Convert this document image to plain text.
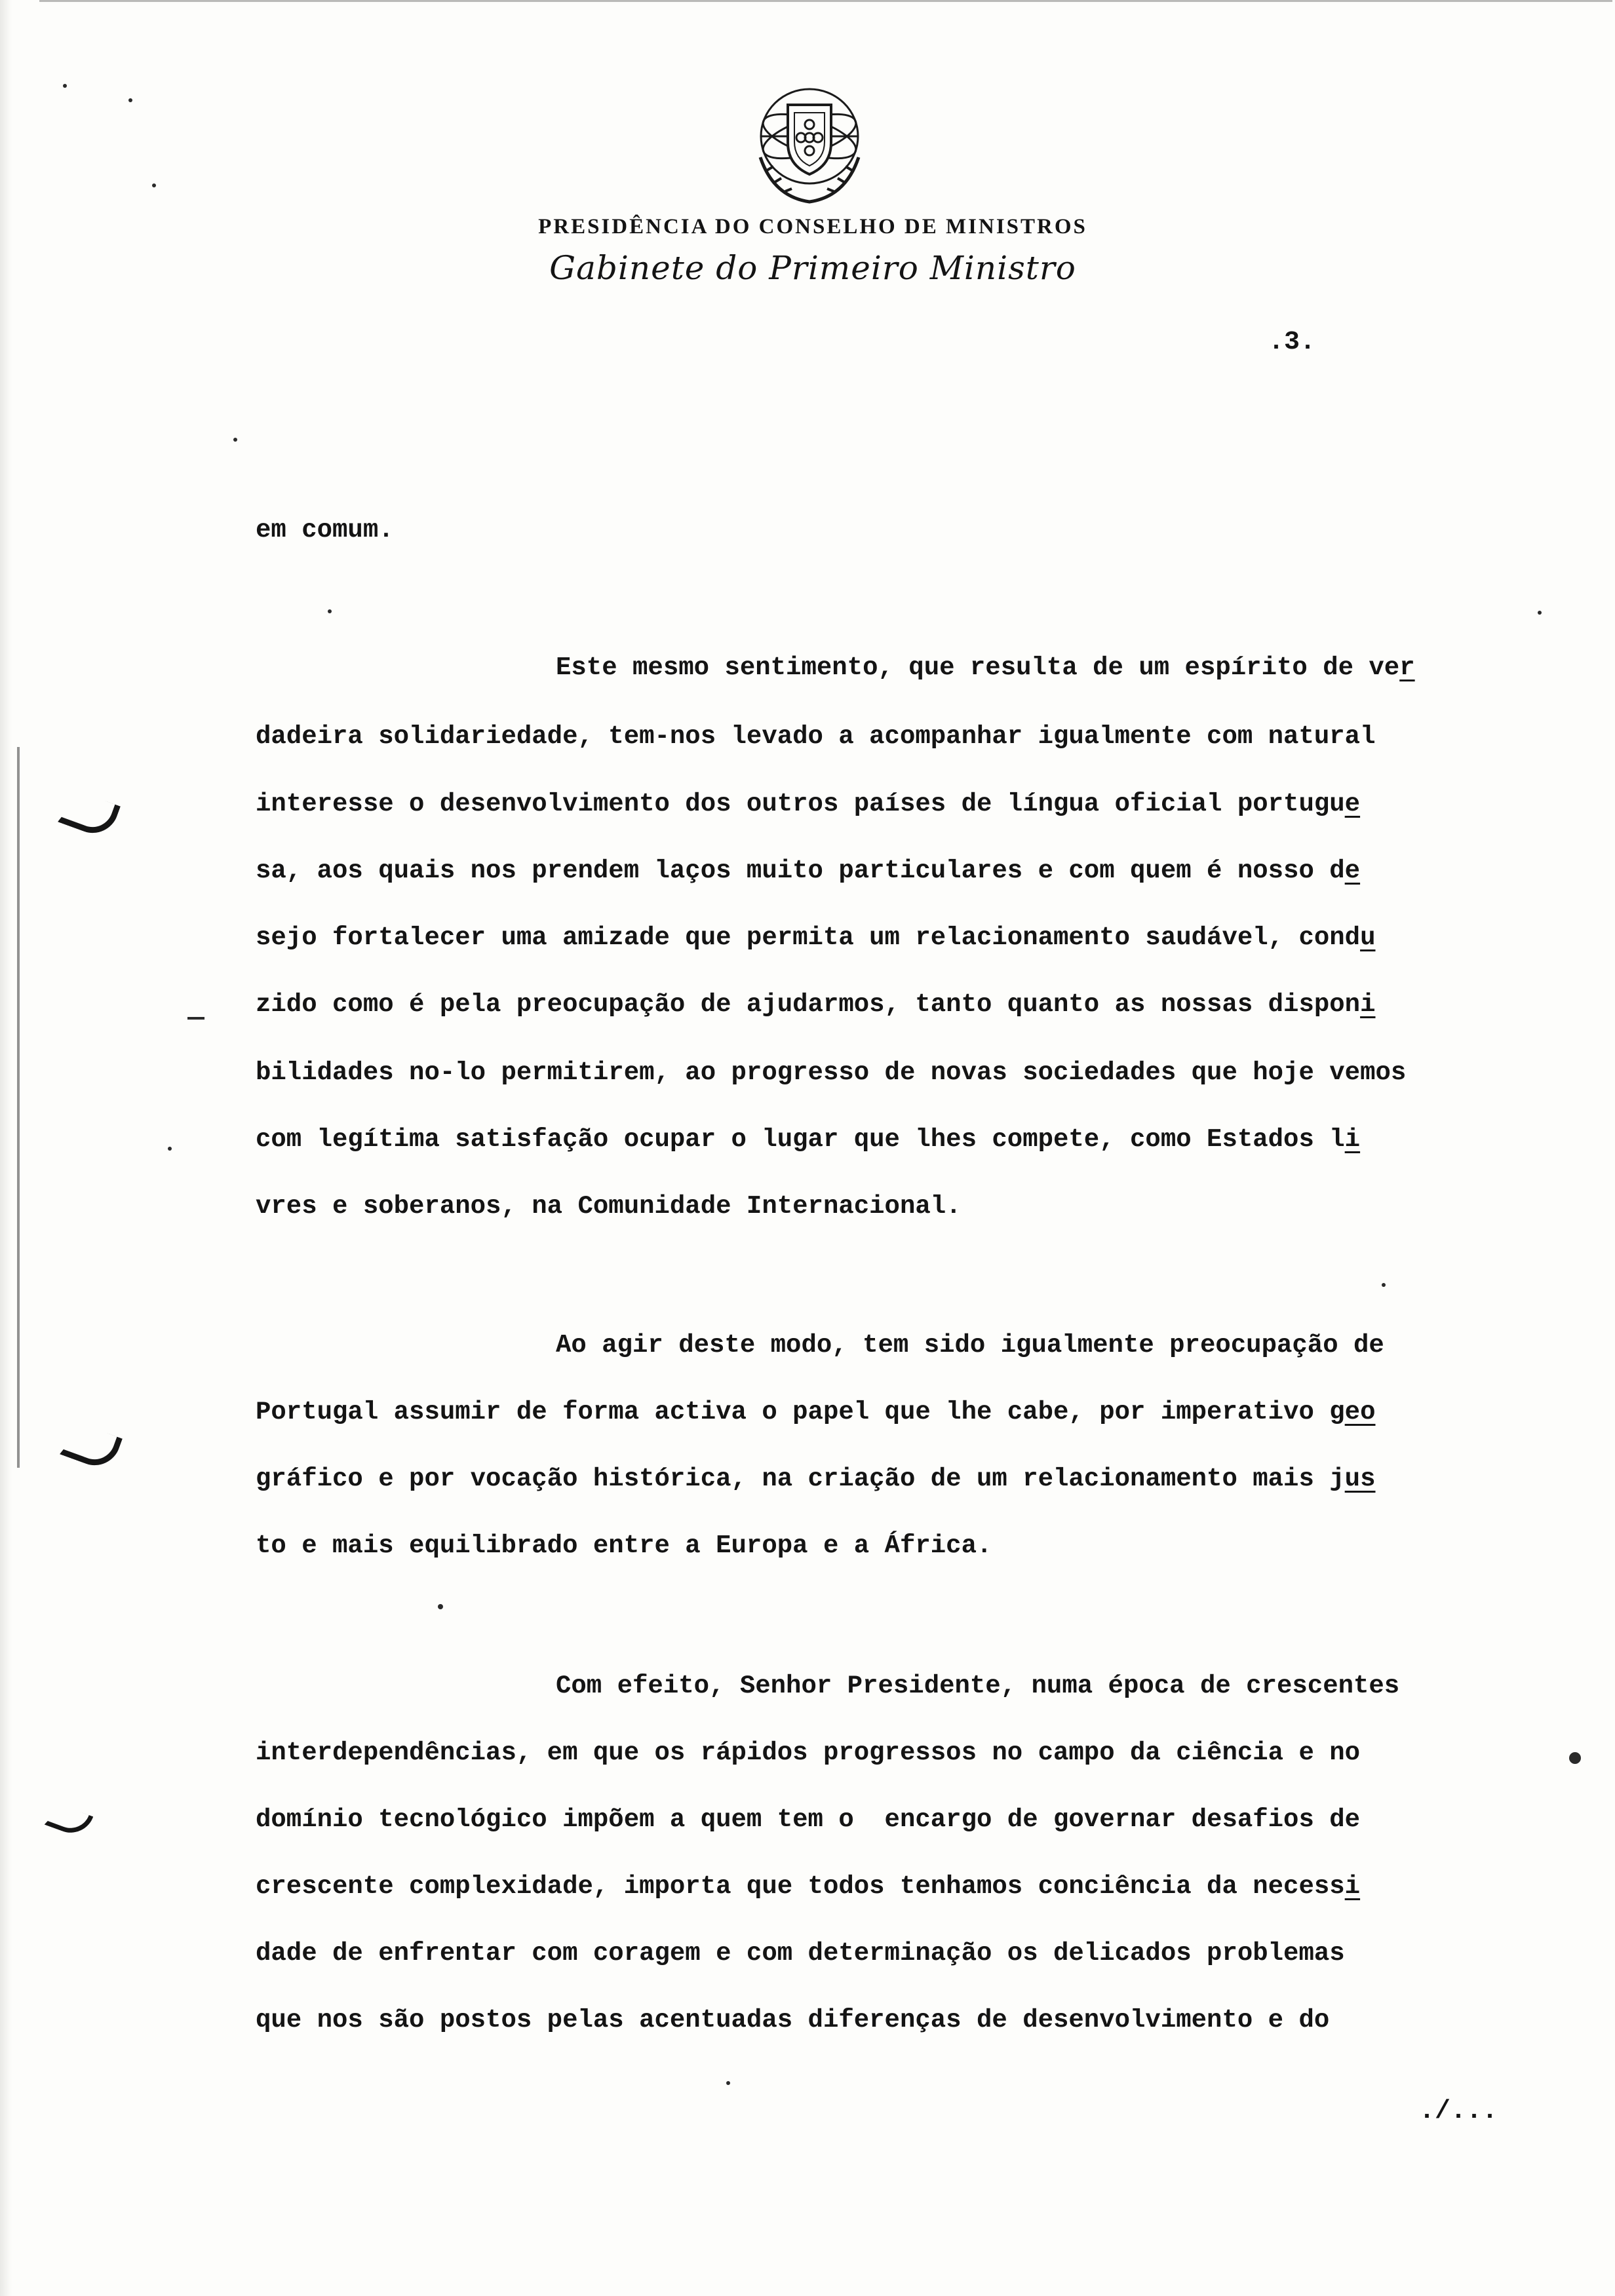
PRESIDÊNCIA DO CONSELHO DE MINISTROS
Gabinete do Primeiro Ministro
.3.
em comum.
Este mesmo sentimento, que resulta de um espírito de ver
dadeira solidariedade, tem-nos levado a acompanhar igualmente com natural
interesse o desenvolvimento dos outros países de língua oficial portugue
sa, aos quais nos prendem laços muito particulares e com quem é nosso de
sejo fortalecer uma amizade que permita um relacionamento saudável, condu
zido como é pela preocupação de ajudarmos, tanto quanto as nossas disponi
bilidades no-lo permitirem, ao progresso de novas sociedades que hoje vemos
com legítima satisfação ocupar o lugar que lhes compete, como Estados li
vres e soberanos, na Comunidade Internacional.
Ao agir deste modo, tem sido igualmente preocupação de
Portugal assumir de forma activa o papel que lhe cabe, por imperativo geo
gráfico e por vocação histórica, na criação de um relacionamento mais jus
to e mais equilibrado entre a Europa e a África.
Com efeito, Senhor Presidente, numa época de crescentes
interdependências, em que os rápidos progressos no campo da ciência e no
domínio tecnológico impõem a quem tem o  encargo de governar desafios de
crescente complexidade, importa que todos tenhamos conciência da necessi
dade de enfrentar com coragem e com determinação os delicados problemas
que nos são postos pelas acentuadas diferenças de desenvolvimento e do
./...
